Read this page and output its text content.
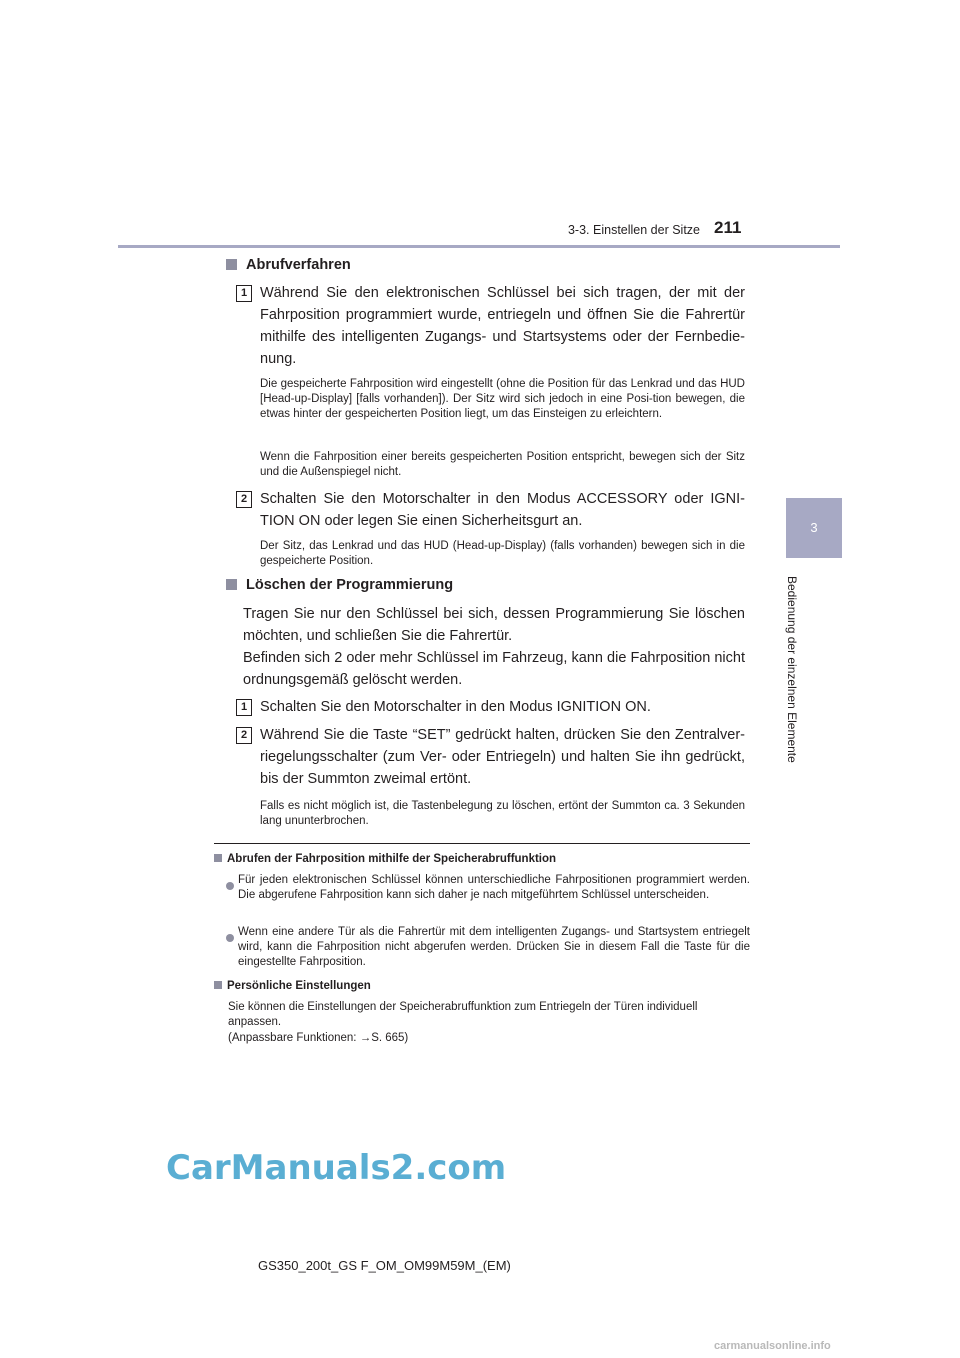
3-3. Einstellen der Sitze 211
3
Bedienung der einzelnen Elemente
Abrufverfahren
1 Während Sie den elektronischen Schlüssel bei sich tragen, der mit der Fahrposition programmiert wurde, entriegeln und öffnen Sie die Fahrertür mithilfe des intelligenten Zugangs- und Startsystems oder der Fernbedie-nung.
Die gespeicherte Fahrposition wird eingestellt (ohne die Position für das Lenkrad und das HUD [Head-up-Display] [falls vorhanden]). Der Sitz wird sich jedoch in eine Posi-tion bewegen, die etwas hinter der gespeicherten Position liegt, um das Einsteigen zu erleichtern.
Wenn die Fahrposition einer bereits gespeicherten Position entspricht, bewegen sich der Sitz und die Außenspiegel nicht.
2 Schalten Sie den Motorschalter in den Modus ACCESSORY oder IGNI-TION ON oder legen Sie einen Sicherheitsgurt an.
Der Sitz, das Lenkrad und das HUD (Head-up-Display) (falls vorhanden) bewegen sich in die gespeicherte Position.
Löschen der Programmierung
Tragen Sie nur den Schlüssel bei sich, dessen Programmierung Sie löschen möchten, und schließen Sie die Fahrertür.
Befinden sich 2 oder mehr Schlüssel im Fahrzeug, kann die Fahrposition nicht ordnungsgemäß gelöscht werden.
1 Schalten Sie den Motorschalter in den Modus IGNITION ON.
2 Während Sie die Taste “SET” gedrückt halten, drücken Sie den Zentralver-riegelungsschalter (zum Ver- oder Entriegeln) und halten Sie ihn gedrückt, bis der Summton zweimal ertönt.
Falls es nicht möglich ist, die Tastenbelegung zu löschen, ertönt der Summton ca. 3 Sekunden lang ununterbrochen.
Abrufen der Fahrposition mithilfe der Speicherabruffunktion
Für jeden elektronischen Schlüssel können unterschiedliche Fahrpositionen programmiert werden. Die abgerufene Fahrposition kann sich daher je nach mitgeführtem Schlüssel unterscheiden.
Wenn eine andere Tür als die Fahrertür mit dem intelligenten Zugangs- und Startsystem entriegelt wird, kann die Fahrposition nicht abgerufen werden. Drücken Sie in diesem Fall die Taste für die eingestellte Fahrposition.
Persönliche Einstellungen
Sie können die Einstellungen der Speicherabruffunktion zum Entriegeln der Türen individuell anpassen.
(Anpassbare Funktionen: →S. 665)
CarManuals2.com
GS350_200t_GS F_OM_OM99M59M_(EM)
carmanualsonline.info
